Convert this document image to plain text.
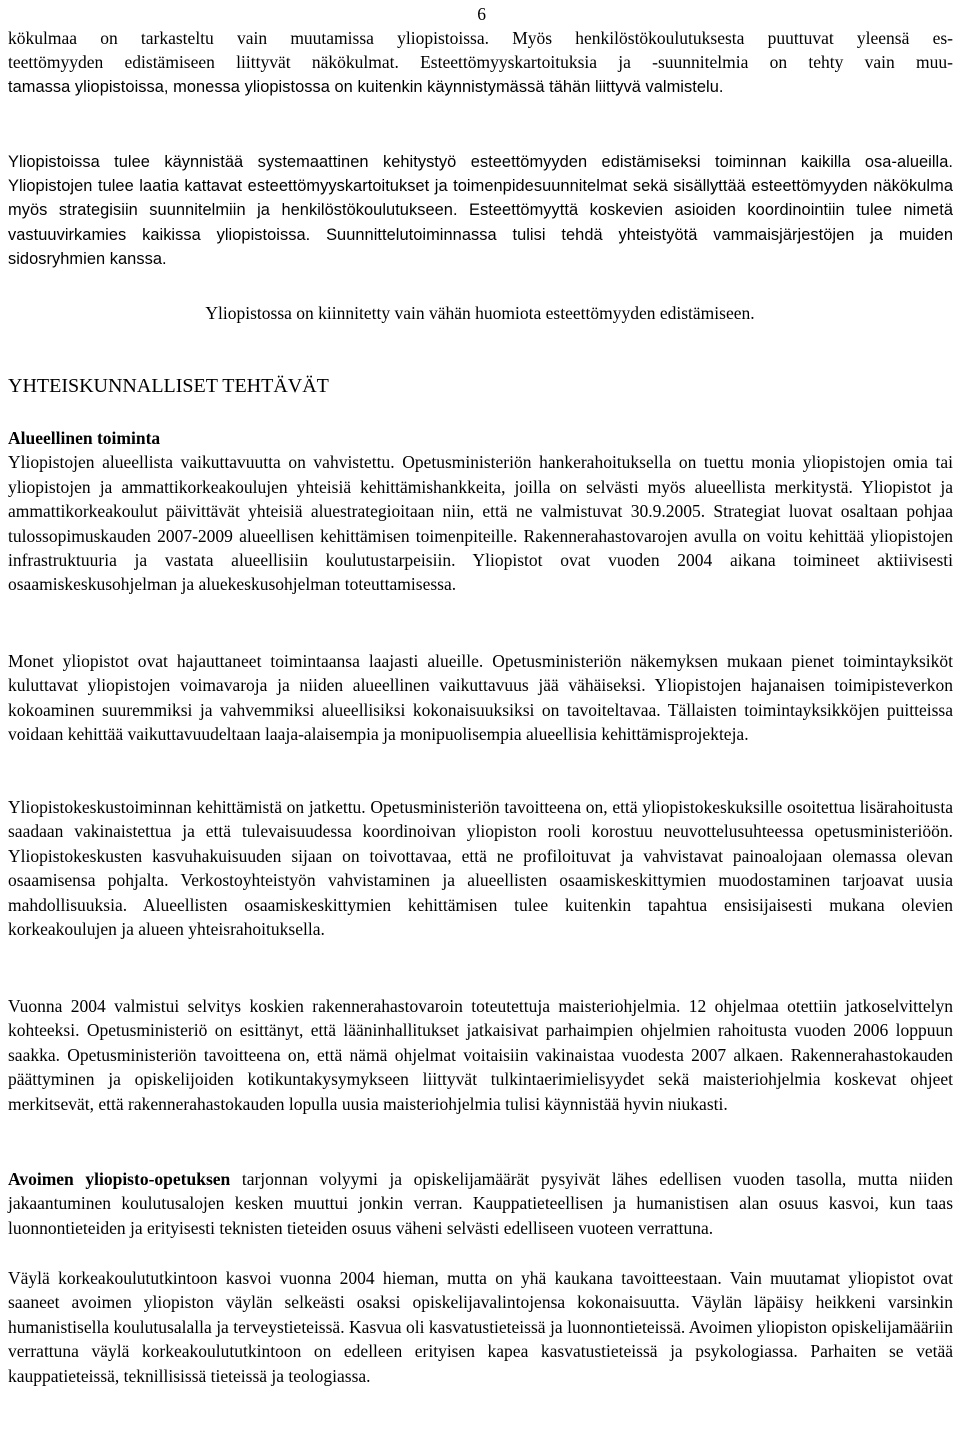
6
kökulmaa on tarkasteltu vain muutamissa yliopistoissa. Myös henkilöstökoulutuksesta puuttuvat yleensä es-
teettömyyden edistämiseen liittyvät näkökulmat. Esteettömyyskartoituksia ja -suunnitelmia on tehty vain muu-
tamassa yliopistoissa, monessa yliopistossa on kuitenkin käynnistymässä tähän liittyvä valmistelu.
Yliopistoissa tulee käynnistää systemaattinen kehitystyö esteettömyyden edistämiseksi toiminnan kaikilla osa-alueilla. Yliopistojen tulee laatia kattavat esteettömyyskartoitukset ja toimenpidesuunnitelmat sekä sisällyttää esteettömyyden näkökulma myös strategisiin suunnitelmiin ja henkilöstökoulutukseen. Esteettömyyttä koskevien asioiden koordinointiin tulee nimetä vastuuvirkamies kaikissa yliopistoissa. Suunnittelutoiminnassa tulisi tehdä yhteistyötä vammaisjärjestöjen ja muiden sidosryhmien kanssa.
Yliopistossa on kiinnitetty vain vähän huomiota esteettömyyden edistämiseen.
YHTEISKUNNALLISET TEHTÄVÄT
Alueellinen toiminta
Yliopistojen alueellista vaikuttavuutta on vahvistettu. Opetusministeriön hankerahoituksella on tuettu monia yliopistojen omia tai yliopistojen ja ammattikorkeakoulujen yhteisiä kehittämishankkeita, joilla on selvästi myös alueellista merkitystä. Yliopistot ja ammattikorkeakoulut päivittävät yhteisiä aluestrategioitaan niin, että ne valmistuvat 30.9.2005. Strategiat luovat osaltaan pohjaa tulossopimuskauden 2007-2009 alueellisen kehittämisen toimenpiteille. Rakennerahastovarojen avulla on voitu kehittää yliopistojen infrastruktuuria ja vastata alueellisiin koulutustarpeisiin. Yliopistot ovat vuoden 2004 aikana toimineet aktiivisesti osaamiskeskusohjelman ja aluekeskusohjelman toteuttamisessa.
Monet yliopistot ovat hajauttaneet toimintaansa laajasti alueille. Opetusministeriön näkemyksen mukaan pienet toimintayksiköt kuluttavat yliopistojen voimavaroja ja niiden alueellinen vaikuttavuus jää vähäiseksi. Yliopistojen hajanaisen toimipisteverkon kokoaminen suuremmiksi ja vahvemmiksi alueellisiksi kokonaisuuksiksi on tavoiteltavaa. Tällaisten toimintayksikköjen puitteissa voidaan kehittää vaikuttavuudeltaan laaja-alaisempia ja monipuolisempia alueellisia kehittämisprojekteja.
Yliopistokeskustoiminnan kehittämistä on jatkettu. Opetusministeriön tavoitteena on, että yliopistokeskuksille osoitettua lisärahoitusta saadaan vakinaistettua ja että tulevaisuudessa koordinoivan yliopiston rooli korostuu neuvottelusuhteessa opetusministeriöön. Yliopistokeskusten kasvuhakuisuuden sijaan on toivottavaa, että ne profiloituvat ja vahvistavat painoalojaan olemassa olevan osaamisensa pohjalta. Verkostoyhteistyön vahvistaminen ja alueellisten osaamiskeskittymien muodostaminen tarjoavat uusia mahdollisuuksia. Alueellisten osaamiskeskittymien kehittämisen tulee kuitenkin tapahtua ensisijaisesti mukana olevien korkeakoulujen ja alueen yhteisrahoituksella.
Vuonna 2004 valmistui selvitys koskien rakennerahastovaroin toteutettuja maisteriohjelmia. 12 ohjelmaa otettiin jatkoselvittelyn kohteeksi. Opetusministeriö on esittänyt, että lääninhallitukset jatkaisivat parhaimpien ohjelmien rahoitusta vuoden 2006 loppuun saakka. Opetusministeriön tavoitteena on, että nämä ohjelmat voitaisiin vakinaistaa vuodesta 2007 alkaen. Rakennerahastokauden päättyminen ja opiskelijoiden kotikuntakysymykseen liittyvät tulkintaerimielisyydet sekä maisteriohjelmia koskevat ohjeet merkitsevät, että rakennerahastokauden lopulla uusia maisteriohjelmia tulisi käynnistää hyvin niukasti.
Avoimen yliopisto-opetuksen tarjonnan volyymi ja opiskelijamäärät pysyivät lähes edellisen vuoden tasolla, mutta niiden jakaantuminen koulutusalojen kesken muuttui jonkin verran. Kauppatieteellisen ja humanistisen alan osuus kasvoi, kun taas luonnontieteiden ja erityisesti teknisten tieteiden osuus väheni selvästi edelliseen vuoteen verrattuna.
Väylä korkeakoulututkintoon kasvoi vuonna 2004 hieman, mutta on yhä kaukana tavoitteestaan. Vain muutamat yliopistot ovat saaneet avoimen yliopiston väylän selkeästi osaksi opiskelijavalintojensa kokonaisuutta. Väylän läpäisy heikkeni varsinkin humanistisella koulutusalalla ja terveystieteissä. Kasvua oli kasvatustieteissä ja luonnontieteissä. Avoimen yliopiston opiskelijamääriin verrattuna väylä korkeakoulututkintoon on edelleen erityisen kapea kasvatustieteissä ja psykologiassa. Parhaiten se vetää kauppatieteissä, teknillisissä tieteissä ja teologiassa.
